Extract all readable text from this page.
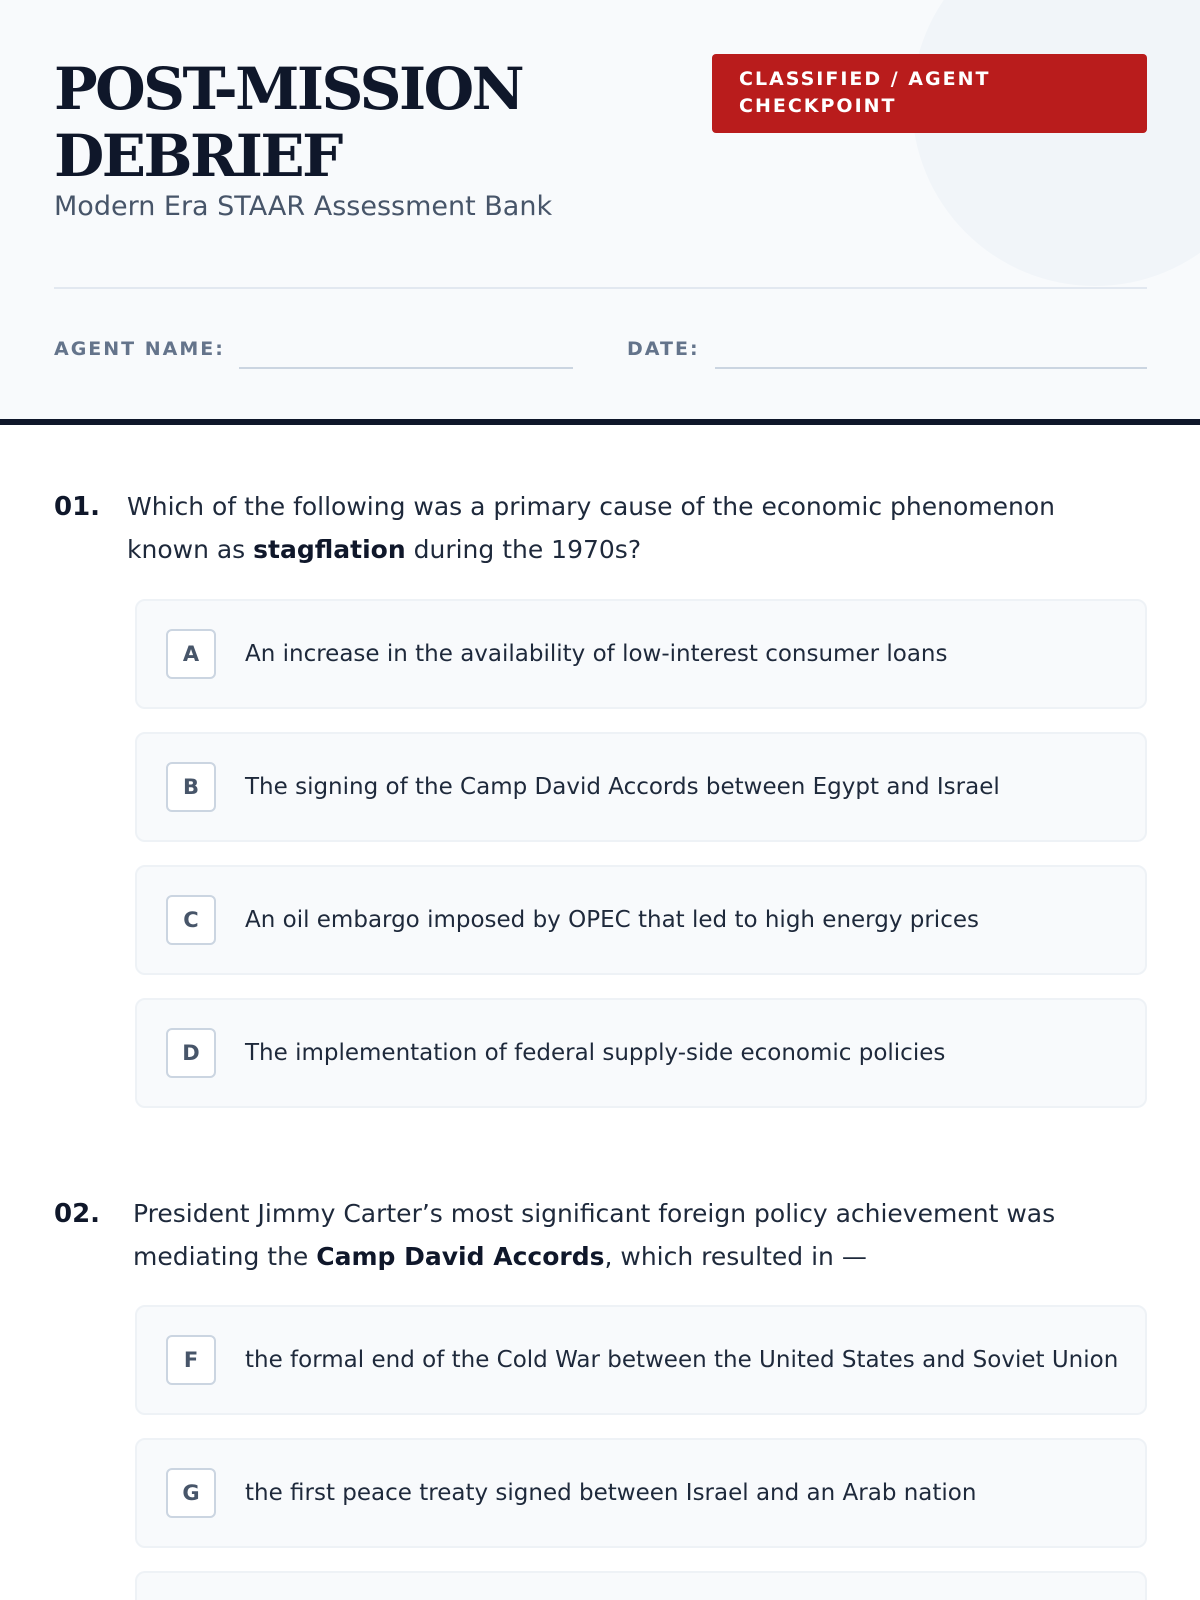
POST-MISSION
DEBRIEF
Modern Era STAAR Assessment Bank
CLASSIFIED / AGENT
CHECKPOINT
AGENT NAME:	DATE:
01. Which of the following was a primary cause of the economic phenomenon known as stagflation during the 1970s?
A	An increase in the availability of low-interest consumer loans
B	The signing of the Camp David Accords between Egypt and Israel
C	An oil embargo imposed by OPEC that led to high energy prices
D	The implementation of federal supply-side economic policies
02. President Jimmy Carter’s most significant foreign policy achievement was mediating the Camp David Accords, which resulted in —
F	the formal end of the Cold War between the United States and Soviet Union
G	the first peace treaty signed between Israel and an Arab nation
